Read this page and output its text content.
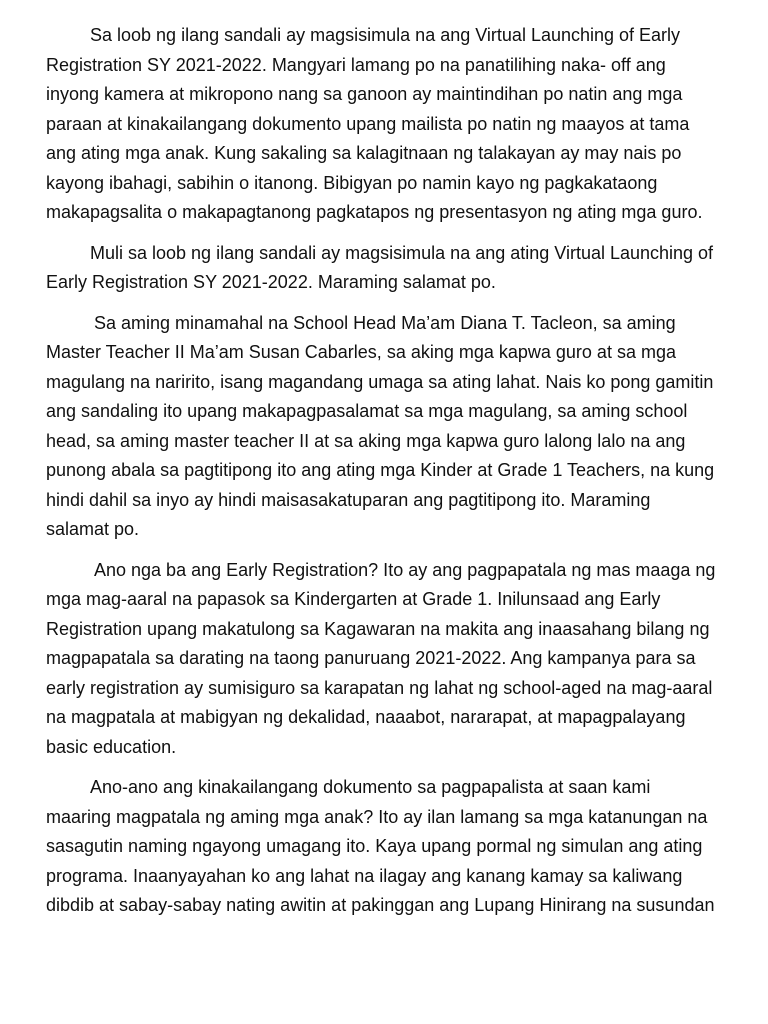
Sa loob ng ilang sandali ay magsisimula na ang Virtual Launching of Early
Registration SY 2021-2022. Mangyari lamang po na panatilihing naka- off ang
inyong kamera at mikropono nang sa ganoon ay maintindihan po natin ang mga
paraan at kinakailangang dokumento upang mailista po natin ng maayos at tama
ang ating mga anak. Kung sakaling sa kalagitnaan ng talakayan ay may nais po
kayong ibahagi, sabihin o itanong. Bibigyan po namin kayo ng pagkakataong
makapagsalita o makapagtanong pagkatapos ng presentasyon ng ating mga guro.
Muli sa loob ng ilang sandali ay magsisimula na ang ating Virtual Launching of
Early Registration SY 2021-2022. Maraming salamat po.
Sa aming minamahal na School Head Ma’am Diana T. Tacleon, sa aming
Master Teacher II Ma’am Susan Cabarles, sa aking mga kapwa guro at sa mga
magulang na naririto, isang magandang umaga sa ating lahat. Nais ko pong gamitin
ang sandaling ito upang makapagpasalamat sa mga magulang, sa aming school
head, sa aming master teacher II at sa aking mga kapwa guro lalong lalo na ang
punong abala sa pagtitipong ito ang ating mga Kinder at Grade 1 Teachers, na kung
hindi dahil sa inyo ay hindi maisasakatuparan ang pagtitipong ito. Maraming
salamat po.
Ano nga ba ang Early Registration? Ito ay ang pagpapatala ng mas maaga ng
mga mag-aaral na papasok sa Kindergarten at Grade 1. Inilunsaad ang Early
Registration upang makatulong sa Kagawaran na makita ang inaasahang bilang ng
magpapatala sa darating na taong panuruang 2021-2022. Ang kampanya para sa
early registration ay sumisiguro sa karapatan ng lahat ng school-aged na mag-aaral
na magpatala at mabigyan ng dekalidad, naaabot, nararapat, at mapagpalayang
basic education.
Ano-ano ang kinakailangang dokumento sa pagpapalista at saan kami
maaring magpatala ng aming mga anak? Ito ay ilan lamang sa mga katanungan na
sasagutin naming ngayong umagang ito. Kaya upang pormal ng simulan ang ating
programa. Inaanyayahan ko ang lahat na ilagay ang kanang kamay sa kaliwang
dibdib at sabay-sabay nating awitin at pakinggan ang Lupang Hinirang na susundan
